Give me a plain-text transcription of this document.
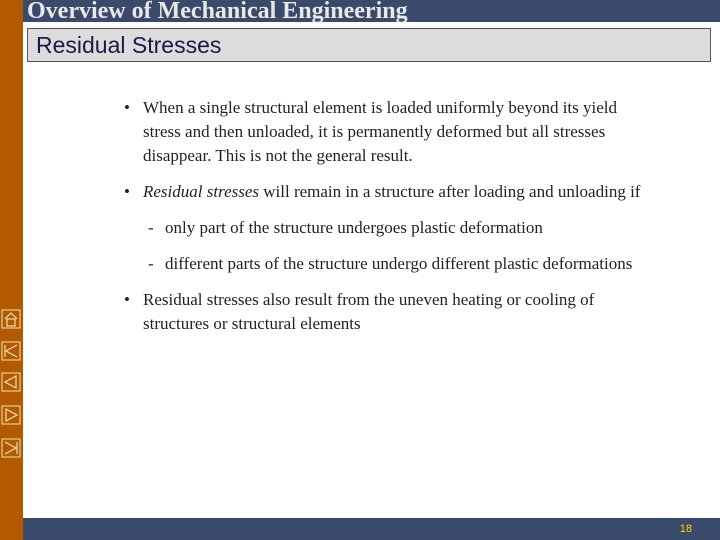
Overview of Mechanical Engineering
Residual Stresses
• When a single structural element is loaded uniformly beyond its yield stress and then unloaded, it is permanently deformed but all stresses disappear. This is not the general result.
• Residual stresses will remain in a structure after loading and unloading if
- only part of the structure undergoes plastic deformation
- different parts of the structure undergo different plastic deformations
• Residual stresses also result from the uneven heating or cooling of structures or structural elements
18
